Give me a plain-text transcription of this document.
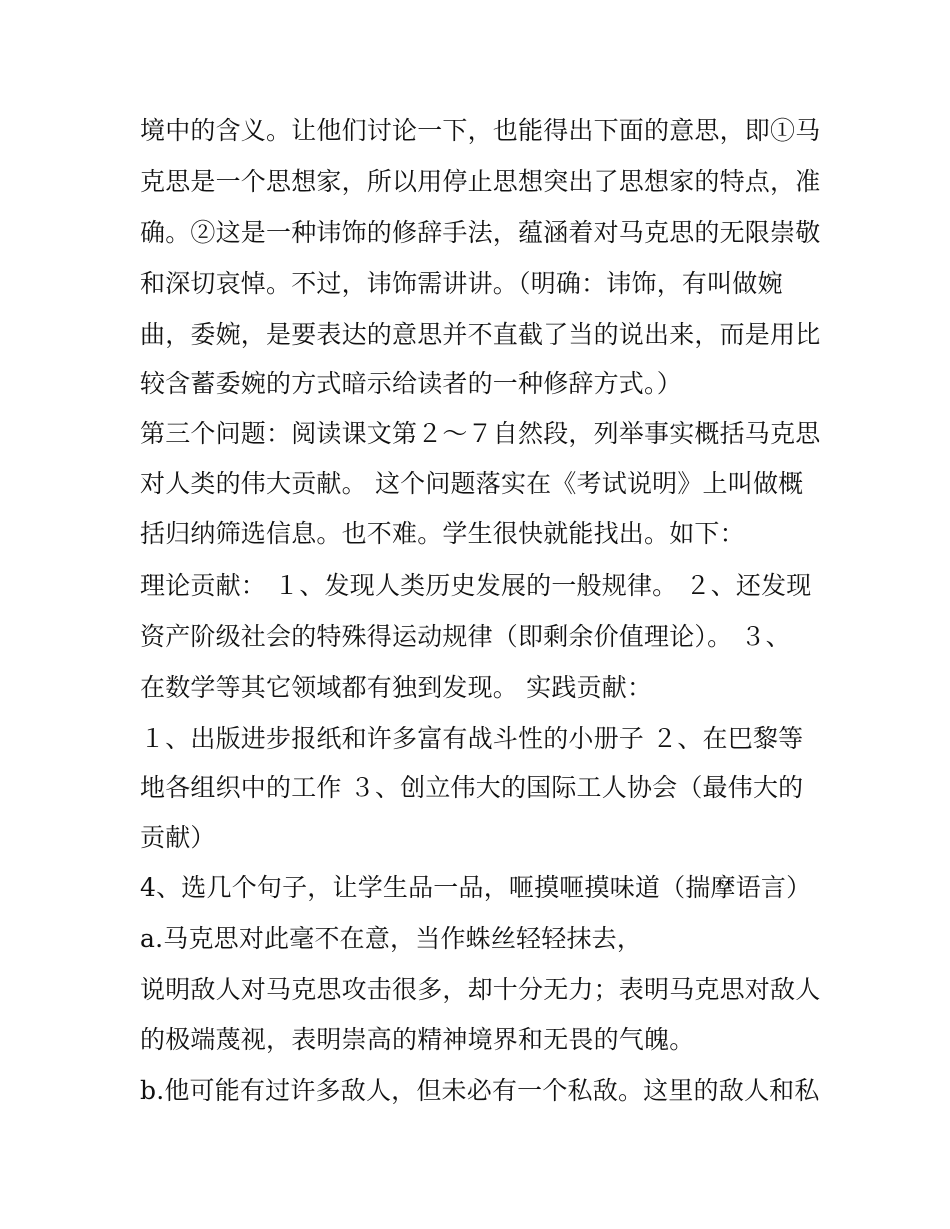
境中的含义。让他们讨论一下，也能得出下面的意思，即①马
克思是一个思想家，所以用停止思想突出了思想家的特点，准
确。②这是一种讳饰的修辞手法，蕴涵着对马克思的无限崇敬
和深切哀悼。不过，讳饰需讲讲。（明确：讳饰，有叫做婉
曲，委婉，是要表达的意思并不直截了当的说出来，而是用比
较含蓄委婉的方式暗示给读者的一种修辞方式。）
第三个问题：阅读课文第２～７自然段，列举事实概括马克思
对人类的伟大贡献。 这个问题落实在《考试说明》上叫做概
括归纳筛选信息。也不难。学生很快就能找出。如下：
理论贡献： １、发现人类历史发展的一般规律。 ２、还发现
资产阶级社会的特殊得运动规律（即剩余价值理论）。 ３、
在数学等其它领域都有独到发现。 实践贡献：
１、出版进步报纸和许多富有战斗性的小册子 ２、在巴黎等
地各组织中的工作 ３、创立伟大的国际工人协会（最伟大的
贡献）
4、选几个句子，让学生品一品，咂摸咂摸味道（揣摩语言）
a.马克思对此毫不在意，当作蛛丝轻轻抹去，
说明敌人对马克思攻击很多，却十分无力；表明马克思对敌人
的极端蔑视，表明崇高的精神境界和无畏的气魄。
b.他可能有过许多敌人，但未必有一个私敌。这里的敌人和私
